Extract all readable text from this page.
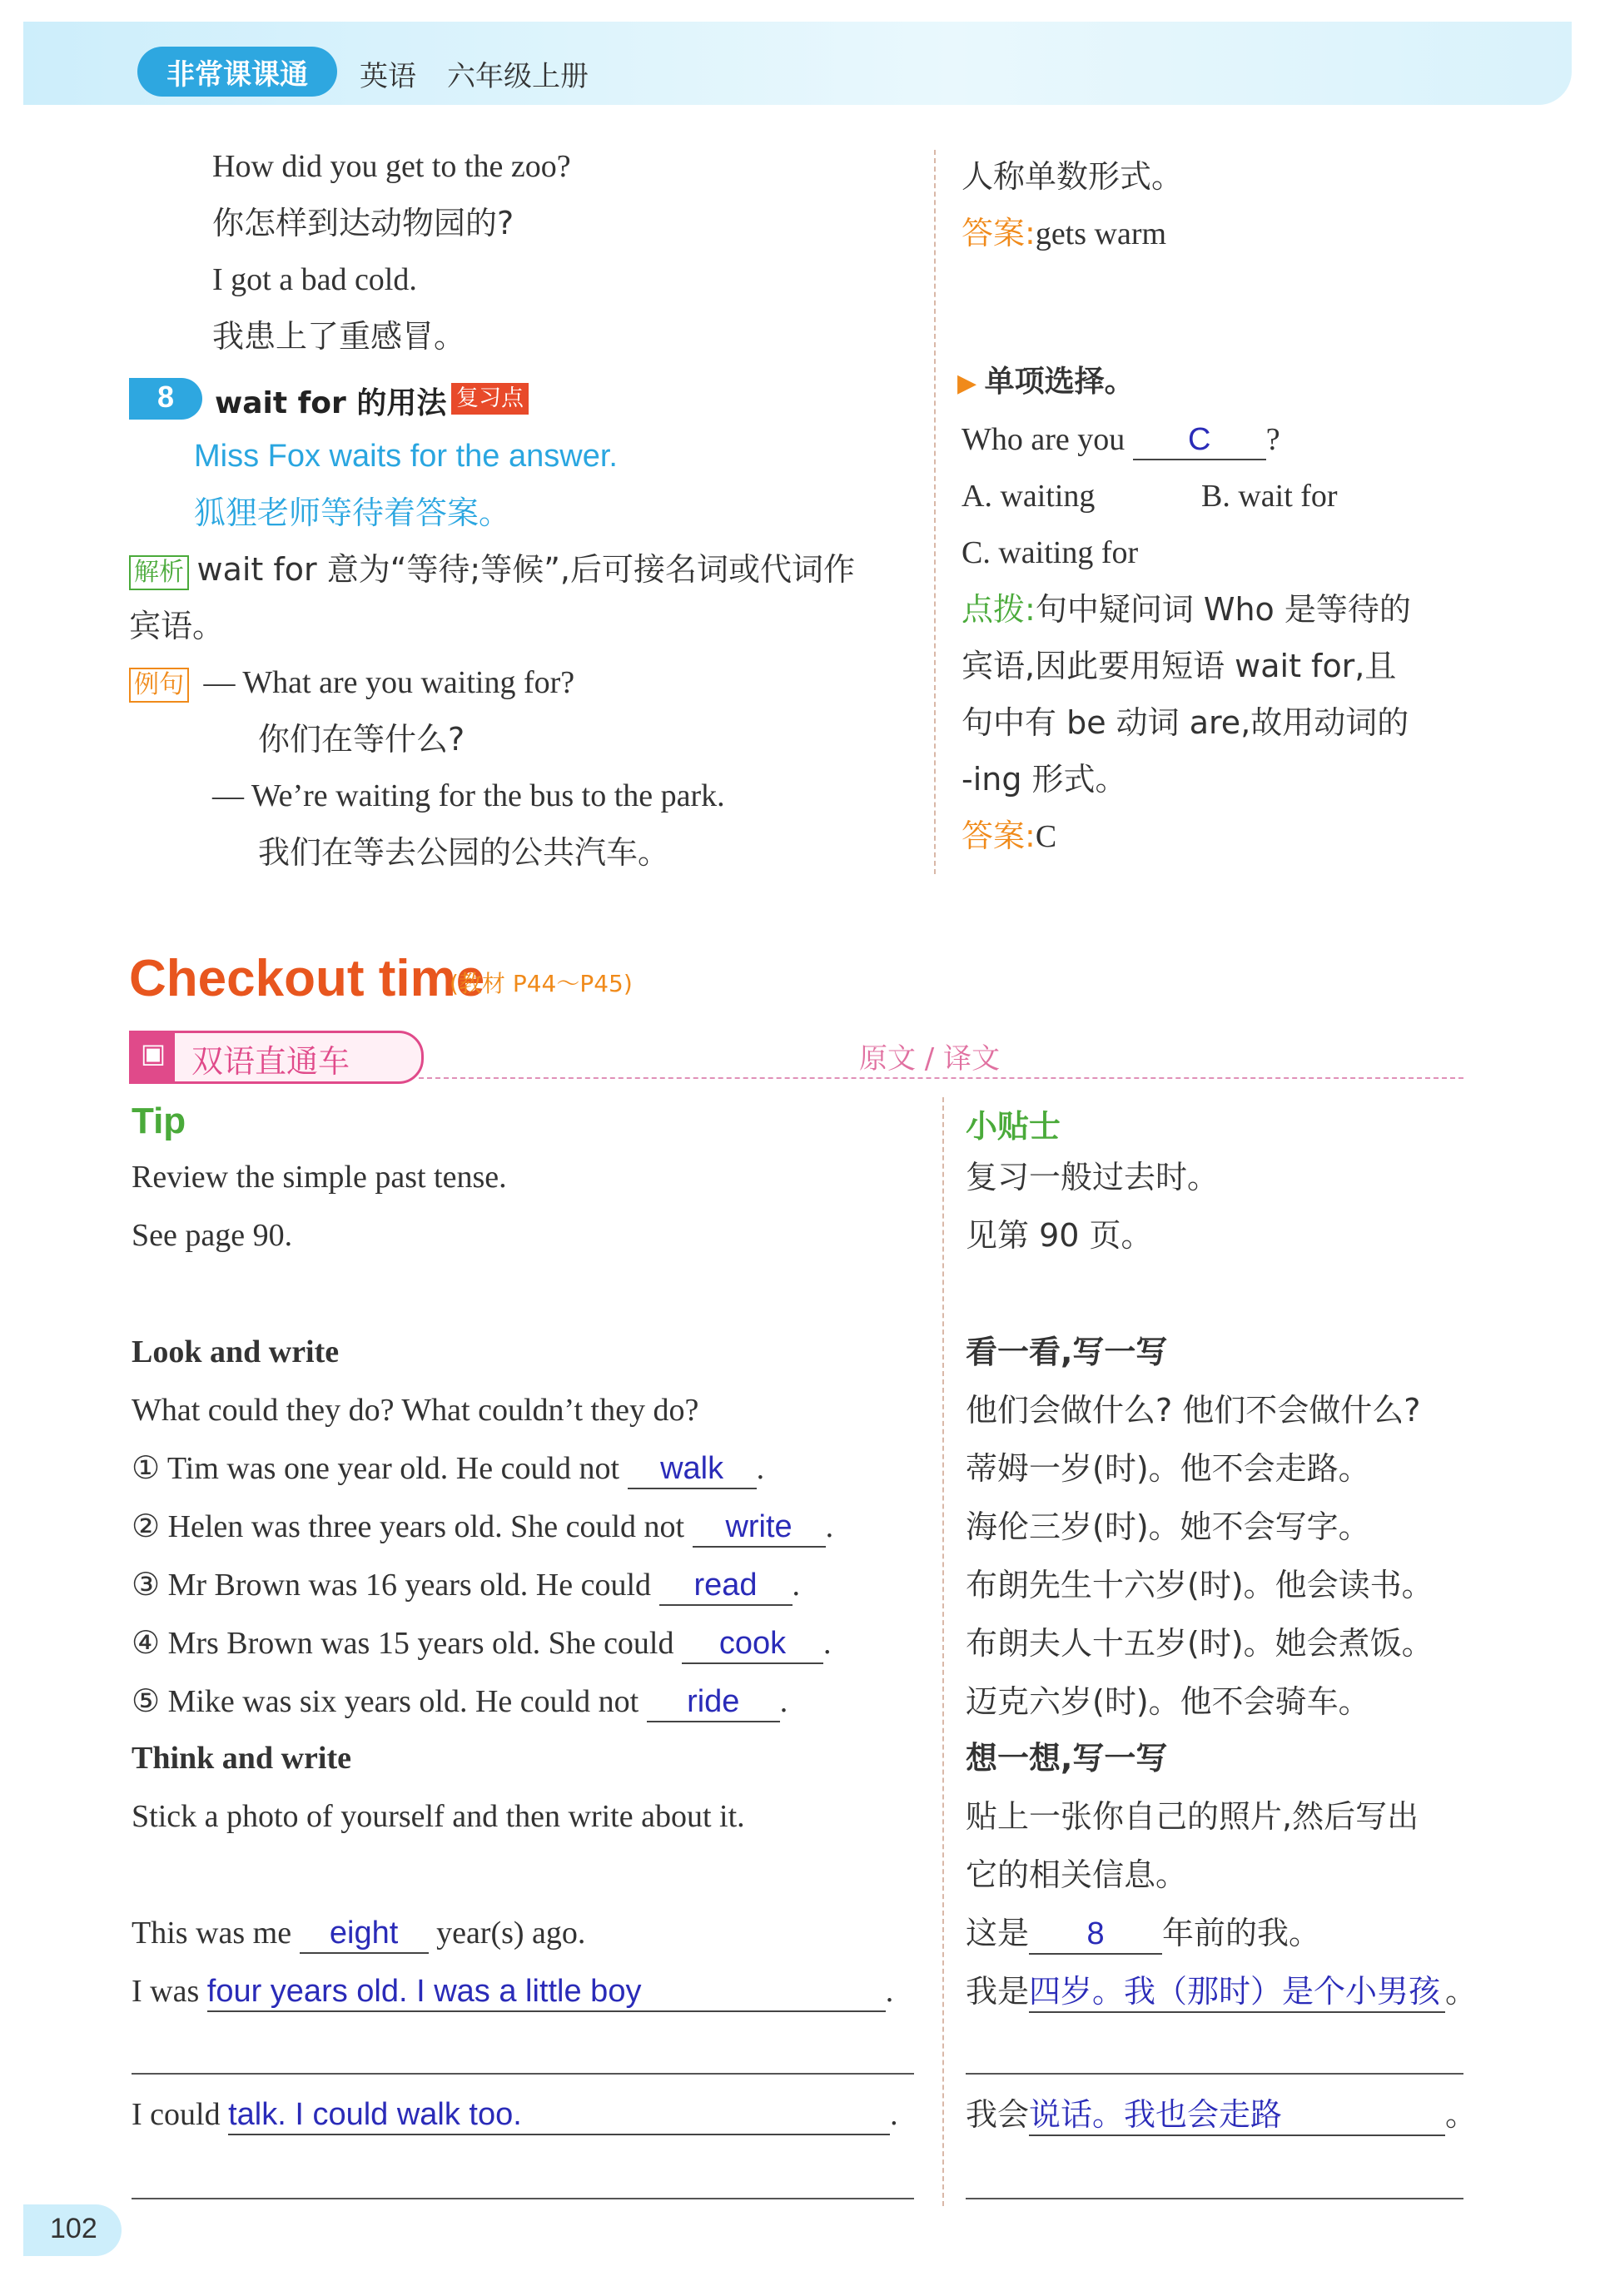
非常课课通	英语 六年级上册
How did you get to the zoo?
你怎样到达动物园的?
I got a bad cold.
我患上了重感冒。
8	wait for 的用法 复习点
Miss Fox waits for the answer.
狐狸老师等待着答案。
解析 wait for 意为“等待;等候”,后可接名词或代词作
宾语。
例句 — What are you waiting for?
你们在等什么?
— We’re waiting for the bus to the park.
我们在等去公园的公共汽车。
人称单数形式。
答案:gets warm
▶ 单项选择。
Who are you C ?
A. waiting	B. wait for
C. waiting for
点拨:句中疑问词 Who 是等待的
宾语,因此要用短语 wait for,且
句中有 be 动词 are,故用动词的
-ing 形式。
答案:C
Checkout time
(教材 P44～P45)
▣ 双语直通车	原文 / 译文
Tip
Review the simple past tense.
See page 90.
Look and write
What could they do? What couldn’t they do?
① Tim was one year old. He could not walk .
② Helen was three years old. She could not write .
③ Mr Brown was 16 years old. He could read .
④ Mrs Brown was 15 years old. She could cook .
⑤ Mike was six years old. He could not ride .
Think and write
Stick a photo of yourself and then write about it.
This was me eight year(s) ago.
I was four years old. I was a little boy	.
I could talk. I could walk too.	.
小贴士
复习一般过去时。
见第 90 页。
看一看,写一写
他们会做什么? 他们不会做什么?
蒂姆一岁(时)。他不会走路。
海伦三岁(时)。她不会写字。
布朗先生十六岁(时)。他会读书。
布朗夫人十五岁(时)。她会煮饭。
迈克六岁(时)。他不会骑车。
想一想,写一写
贴上一张你自己的照片,然后写出
它的相关信息。
这是 8 年前的我。
我是四岁。我（那时）是个小男孩 。
我会说话。我也会走路	。
102
